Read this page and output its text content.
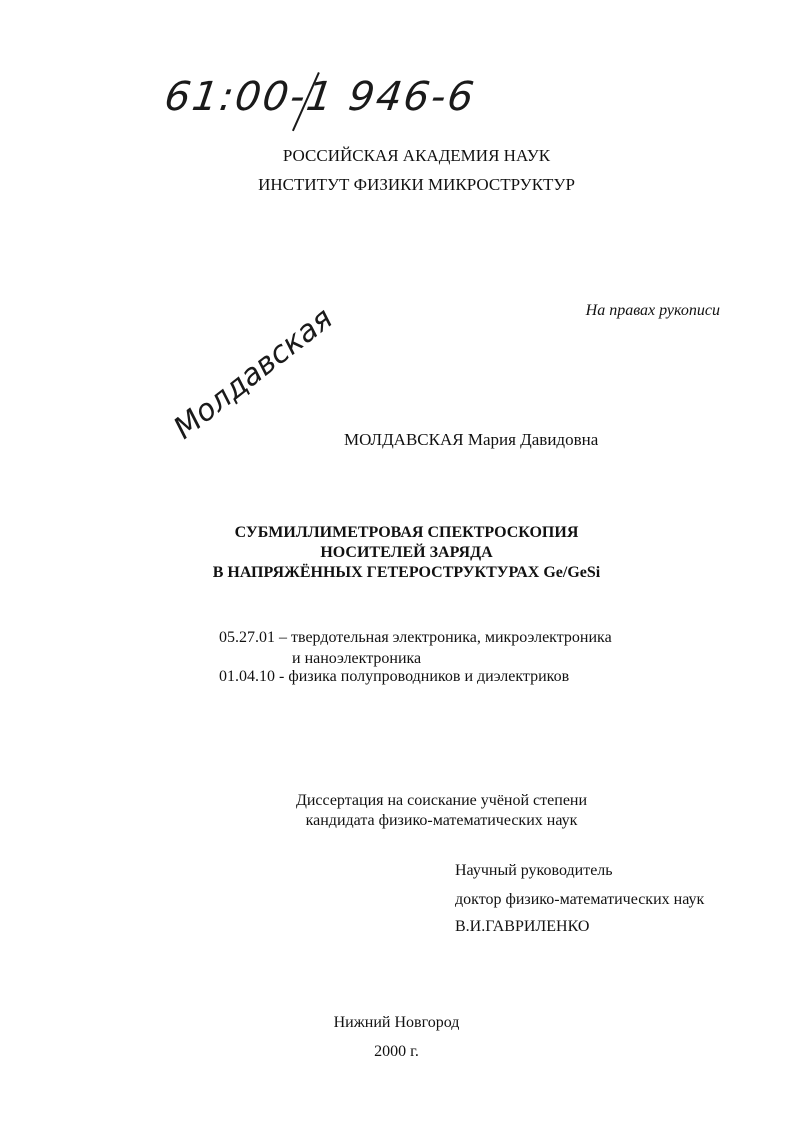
61:00-1 946-6
РОССИЙСКАЯ АКАДЕМИЯ НАУК
ИНСТИТУТ ФИЗИКИ МИКРОСТРУКТУР
На правах рукописи
Молдавская МОЛДАВСКАЯ Мария Давидовна
СУБМИЛЛИМЕТРОВАЯ СПЕКТРОСКОПИЯ
НОСИТЕЛЕЙ ЗАРЯДА
В НАПРЯЖЁННЫХ ГЕТЕРОСТРУКТУРАХ Ge/GeSi
05.27.01 – твердотельная электроника, микроэлектроника
и наноэлектроника
01.04.10 - физика полупроводников и диэлектриков
Диссертация на соискание учёной степени
кандидата физико-математических наук
Научный руководитель
доктор физико-математических наук
В.И.ГАВРИЛЕНКО
Нижний Новгород
2000 г.
